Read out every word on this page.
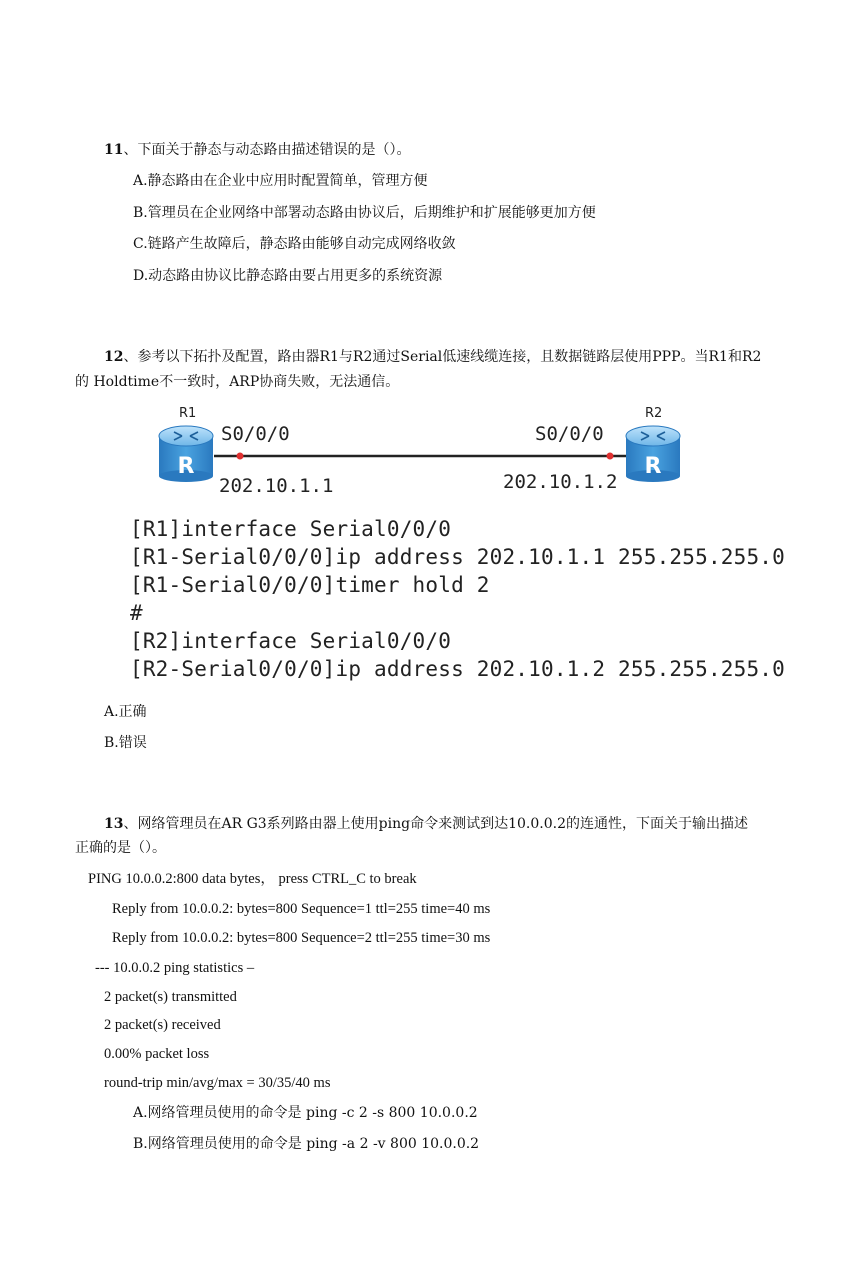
11、下面关于静态与动态路由描述错误的是（）。

A.静态路由在企业中应用时配置简单，管理方便

B.管理员在企业网络中部署动态路由协议后，后期维护和扩展能够更加方便

C.链路产生故障后，静态路由能够自动完成网络收敛

D.动态路由协议比静态路由要占用更多的系统资源

12、参考以下拓扑及配置，路由器R1与R2通过Serial低速线缆连接，且数据链路层使用PPP。当R1和R2

的 Holdtime不一致时，ARP协商失败，无法通信。

R1	R2
R	R
S0/0/0	S0/0/0
202.10.1.1	202.10.1.2

[R1]interface Serial0/0/0

[R1-Serial0/0/0]ip address 202.10.1.1 255.255.255.0

[R1-Serial0/0/0]timer hold 2

#

[R2]interface Serial0/0/0

[R2-Serial0/0/0]ip address 202.10.1.2 255.255.255.0

A.正确

B.错误

13、网络管理员在AR G3系列路由器上使用ping命令来测试到达10.0.0.2的连通性，下面关于输出描述

正确的是（）。

PING 10.0.0.2:800 data bytes， press CTRL_C to break

Reply from 10.0.0.2: bytes=800 Sequence=1 ttl=255 time=40 ms

Reply from 10.0.0.2: bytes=800 Sequence=2 ttl=255 time=30 ms

--- 10.0.0.2 ping statistics –

2 packet(s) transmitted

2 packet(s) received

0.00% packet loss

round-trip min/avg/max = 30/35/40 ms

A.网络管理员使用的命令是 ping -c 2 -s 800 10.0.0.2

B.网络管理员使用的命令是 ping -a 2 -v 800 10.0.0.2
